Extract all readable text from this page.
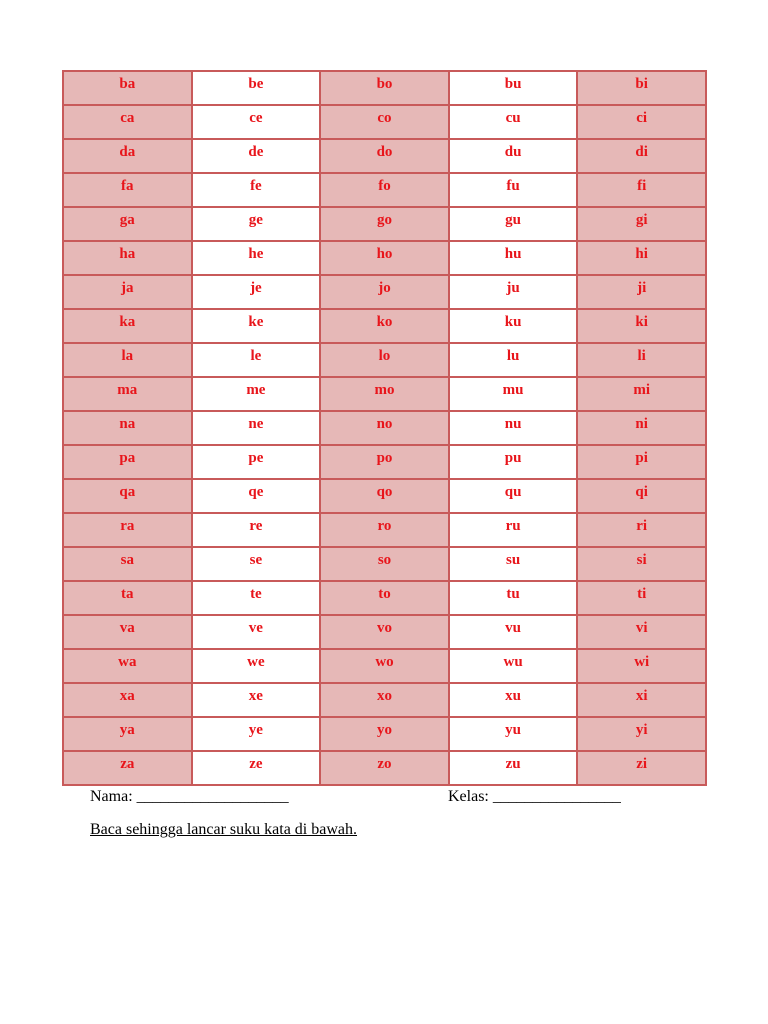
ba	be	bo	bu	bi
ca	ce	co	cu	ci
da	de	do	du	di
fa	fe	fo	fu	fi
ga	ge	go	gu	gi
ha	he	ho	hu	hi
ja	je	jo	ju	ji
ka	ke	ko	ku	ki
la	le	lo	lu	li
ma	me	mo	mu	mi
na	ne	no	nu	ni
pa	pe	po	pu	pi
qa	qe	qo	qu	qi
ra	re	ro	ru	ri
sa	se	so	su	si
ta	te	to	tu	ti
va	ve	vo	vu	vi
wa	we	wo	wu	wi
xa	xe	xo	xu	xi
ya	ye	yo	yu	yi
za	ze	zo	zu	zi
Nama: ___________________	Kelas: ________________
Baca sehingga lancar suku kata di bawah.
